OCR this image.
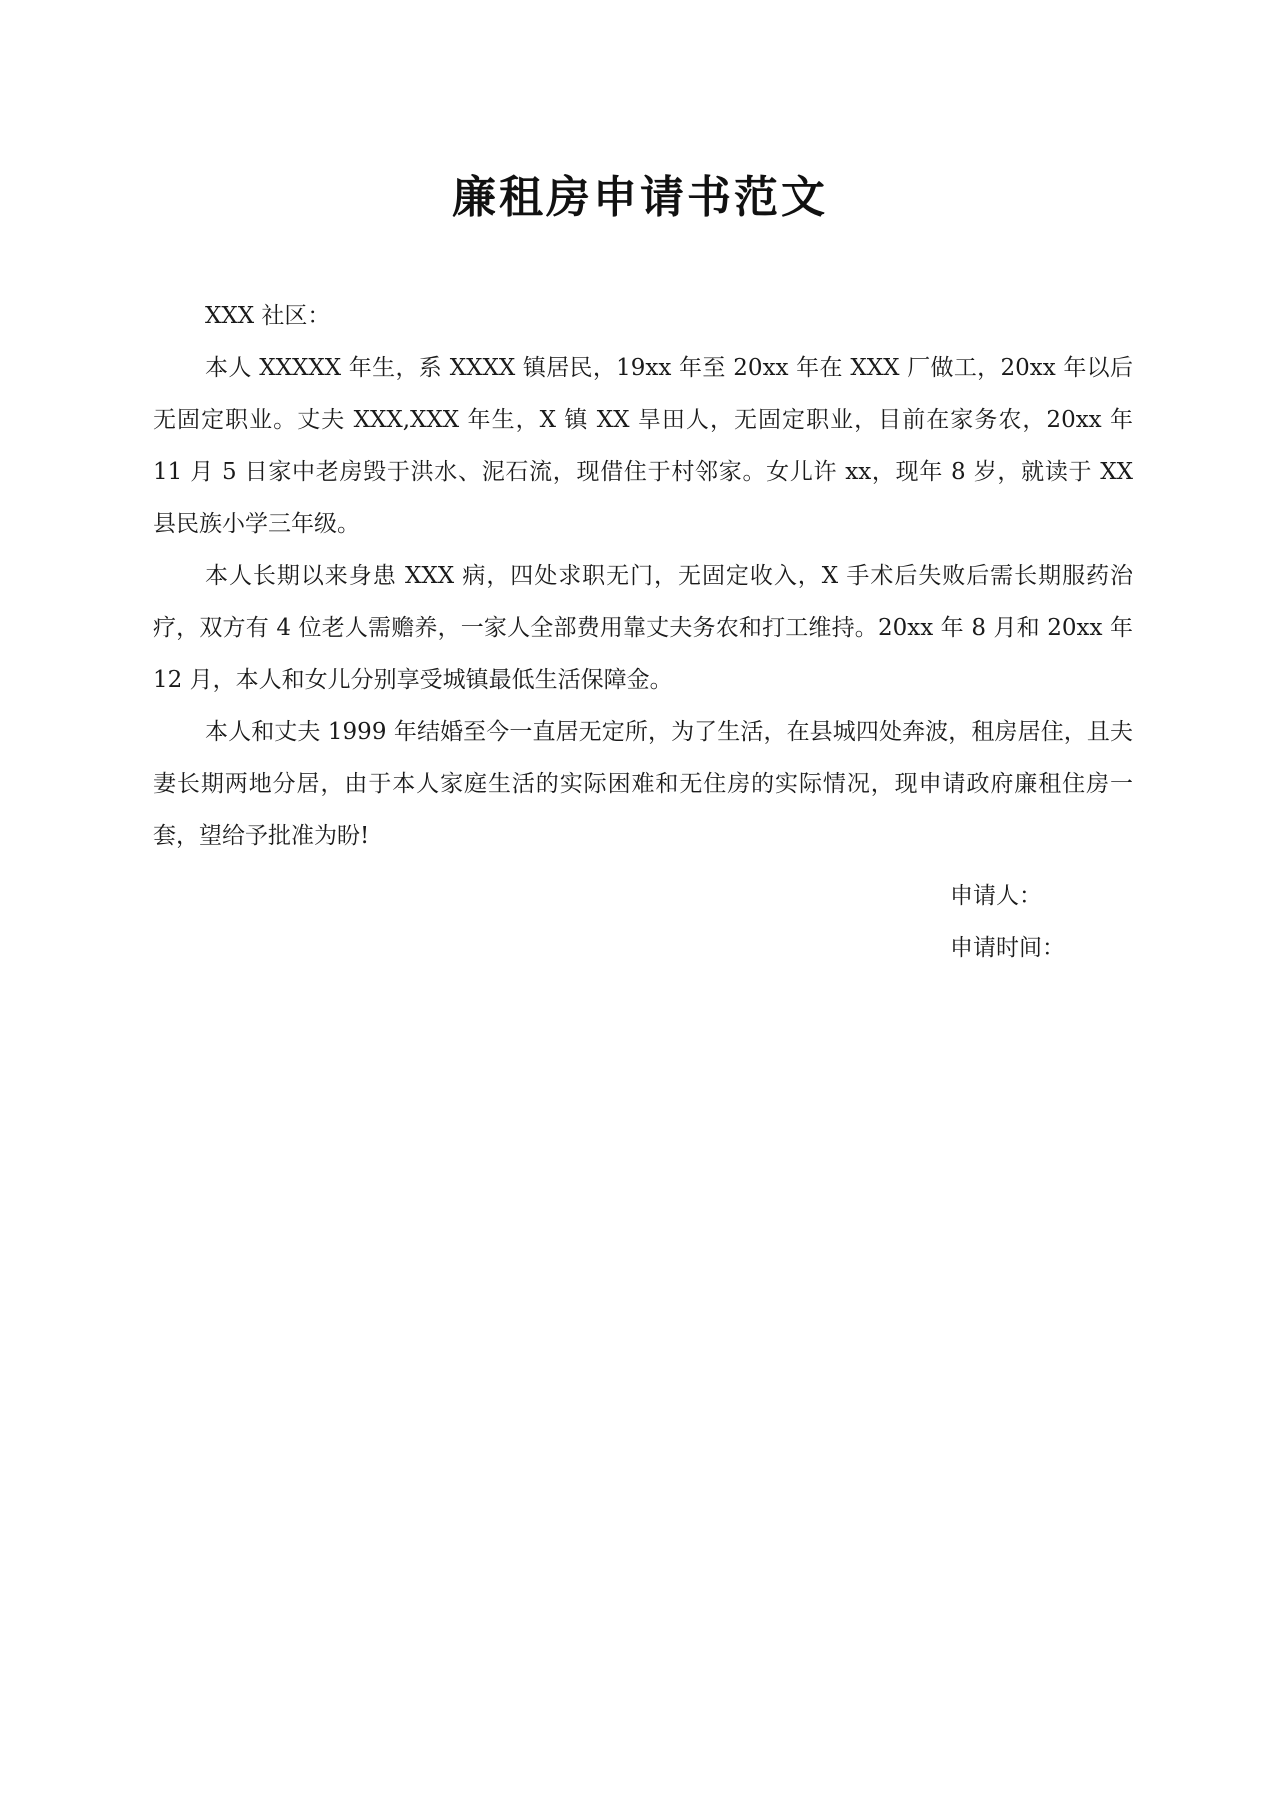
廉租房申请书范文

XXX 社区：

本人 XXXXX 年生，系 XXXX 镇居民，19xx 年至 20xx 年在 XXX 厂做工，20xx 年以后无固定职业。丈夫 XXX,XXX 年生，X 镇 XX 旱田人，无固定职业，目前在家务农，20xx 年 11 月 5 日家中老房毁于洪水、泥石流，现借住于村邻家。女儿许 xx，现年 8 岁，就读于 XX 县民族小学三年级。

本人长期以来身患 XXX 病，四处求职无门，无固定收入，X 手术后失败后需长期服药治疗，双方有 4 位老人需赡养，一家人全部费用靠丈夫务农和打工维持。20xx 年 8 月和 20xx 年 12 月，本人和女儿分别享受城镇最低生活保障金。

本人和丈夫 1999 年结婚至今一直居无定所，为了生活，在县城四处奔波，租房居住，且夫妻长期两地分居，由于本人家庭生活的实际困难和无住房的实际情况，现申请政府廉租住房一套，望给予批准为盼!

申请人：
申请时间：
